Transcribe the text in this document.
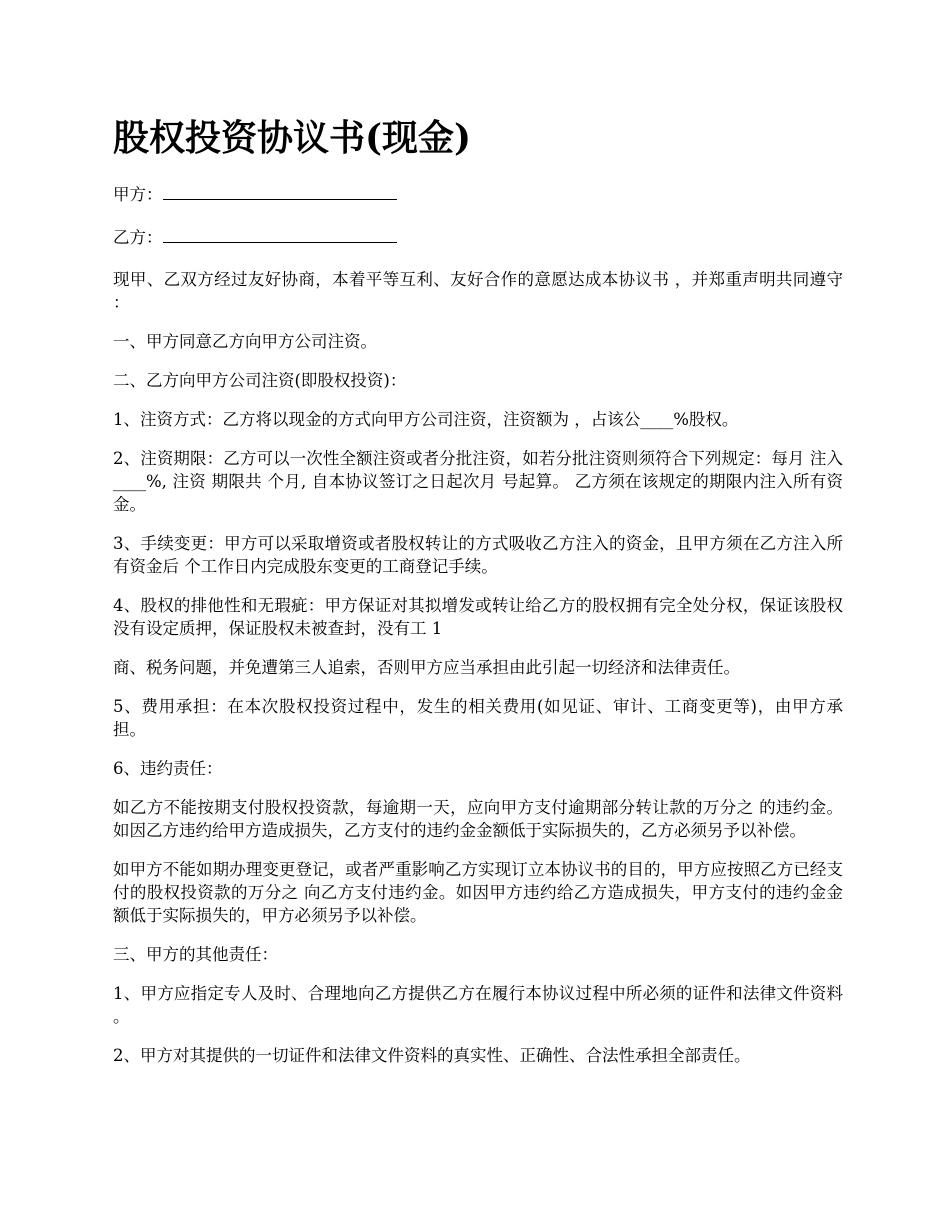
股权投资协议书(现金)
甲方：
乙方：

现甲、乙双方经过友好协商，本着平等互利、友好合作的意愿达成本协议书 ，并郑重声明共同遵守 ：

一、甲方同意乙方向甲方公司注资。

二、乙方向甲方公司注资(即股权投资)：

1、注资方式：乙方将以现金的方式向甲方公司注资，注资额为 ，占该公____%股权。

2、注资期限：乙方可以一次性全额注资或者分批注资，如若分批注资则须符合下列规定：每月 注入 ____%, 注资 期限共 个月, 自本协议签订之日起次月 号起算。 乙方须在该规定的期限内注入所有资金。

3、手续变更：甲方可以采取增资或者股权转让的方式吸收乙方注入的资金，且甲方须在乙方注入所有资金后 个工作日内完成股东变更的工商登记手续。

4、股权的排他性和无瑕疵：甲方保证对其拟增发或转让给乙方的股权拥有完全处分权，保证该股权没有设定质押，保证股权未被查封，没有工 1

商、税务问题，并免遭第三人追索，否则甲方应当承担由此引起一切经济和法律责任。

5、费用承担：在本次股权投资过程中，发生的相关费用(如见证、审计、工商变更等)，由甲方承担。

6、违约责任：

如乙方不能按期支付股权投资款，每逾期一天，应向甲方支付逾期部分转让款的万分之 的违约金。如因乙方违约给甲方造成损失，乙方支付的违约金金额低于实际损失的，乙方必须另予以补偿。

如甲方不能如期办理变更登记，或者严重影响乙方实现订立本协议书的目的，甲方应按照乙方已经支付的股权投资款的万分之 向乙方支付违约金。如因甲方违约给乙方造成损失，甲方支付的违约金金额低于实际损失的，甲方必须另予以补偿。

三、甲方的其他责任：

1、甲方应指定专人及时、合理地向乙方提供乙方在履行本协议过程中所必须的证件和法律文件资料 。

2、甲方对其提供的一切证件和法律文件资料的真实性、正确性、合法性承担全部责任。
